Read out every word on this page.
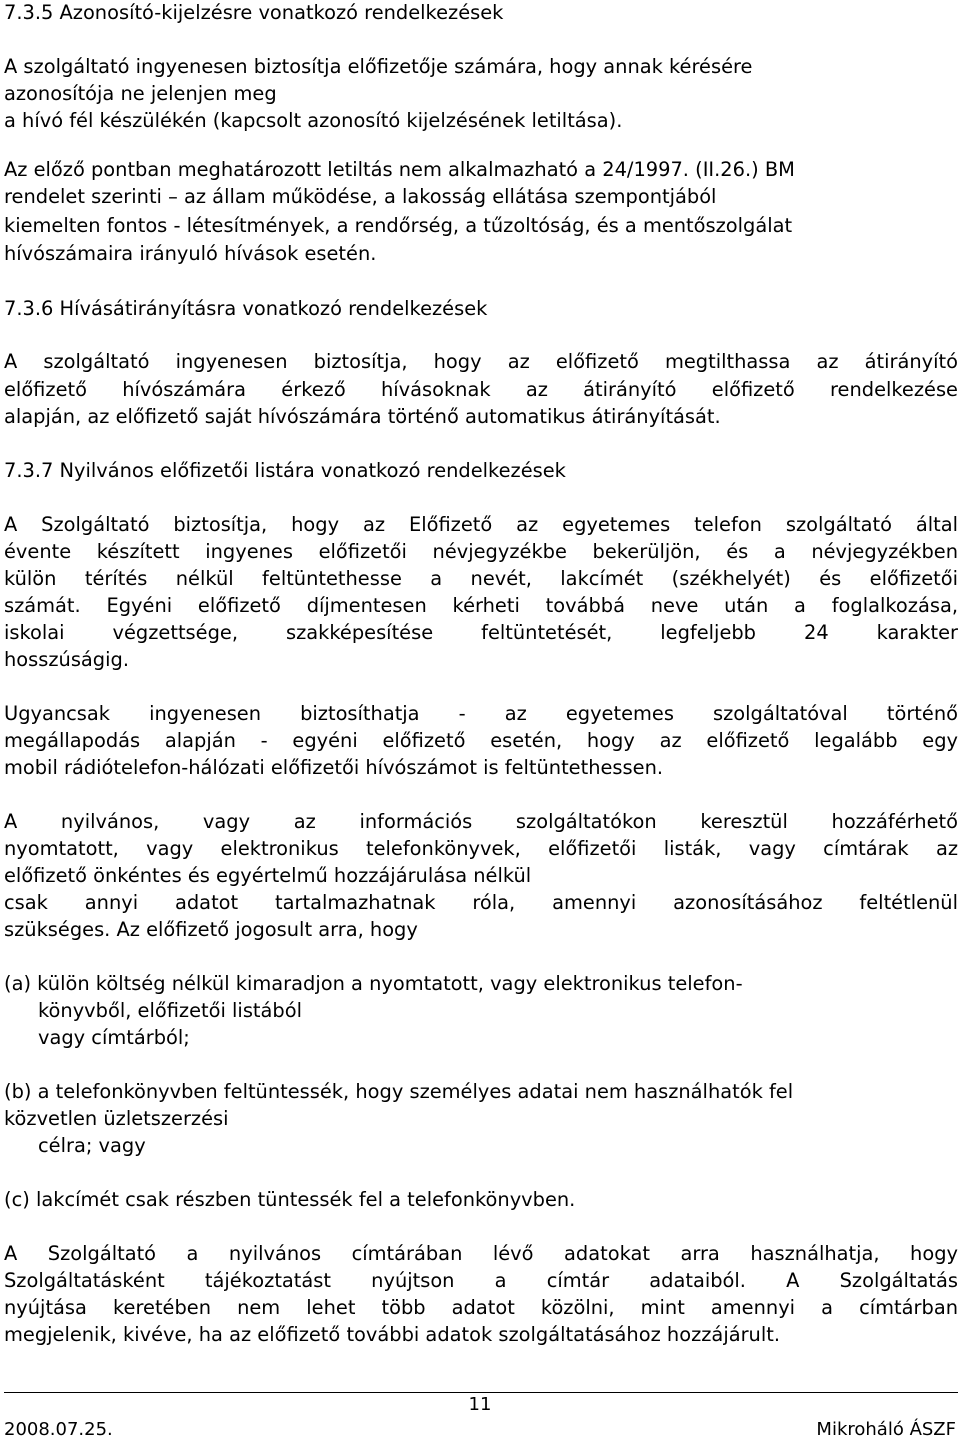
7.3.5 Azonosító-kijelzésre vonatkozó rendelkezések
A szolgáltató ingyenesen biztosítja előfizetője számára, hogy annak kérésére
azonosítója ne jelenjen meg
a hívó fél készülékén (kapcsolt azonosító kijelzésének letiltása).
Az előző pontban meghatározott letiltás nem alkalmazható a 24/1997. (II.26.) BM
rendelet szerinti – az állam működése, a lakosság ellátása szempontjából
kiemelten fontos - létesítmények, a rendőrség, a tűzoltóság, és a mentőszolgálat
hívószámaira irányuló hívások esetén.
7.3.6 Hívásátirányításra vonatkozó rendelkezések
A szolgáltató ingyenesen biztosítja, hogy az előfizető megtilthassa az átirányító
előfizető hívószámára érkező hívásoknak az átirányító előfizető rendelkezése
alapján, az előfizető saját hívószámára történő automatikus átirányítását.
7.3.7 Nyilvános előfizetői listára vonatkozó rendelkezések
A Szolgáltató biztosítja, hogy az Előfizető az egyetemes telefon szolgáltató által
évente készített ingyenes előfizetői névjegyzékbe bekerüljön, és a névjegyzékben
külön térítés nélkül feltüntethesse a nevét, lakcímét (székhelyét) és előfizetői
számát. Egyéni előfizető díjmentesen kérheti továbbá neve után a foglalkozása,
iskolai végzettsége, szakképesítése feltüntetését, legfeljebb 24 karakter
hosszúságig.
Ugyancsak ingyenesen biztosíthatja - az egyetemes szolgáltatóval történő
megállapodás alapján - egyéni előfizető esetén, hogy az előfizető legalább egy
mobil rádiótelefon-hálózati előfizetői hívószámot is feltüntethessen.
A nyilvános, vagy az információs szolgáltatókon keresztül hozzáférhető
nyomtatott, vagy elektronikus telefonkönyvek, előfizetői listák, vagy címtárak az
előfizető önkéntes és egyértelmű hozzájárulása nélkül
csak annyi adatot tartalmazhatnak róla, amennyi azonosításához feltétlenül
szükséges. Az előfizető jogosult arra, hogy
(a) külön költség nélkül kimaradjon a nyomtatott, vagy elektronikus telefon-
könyvből, előfizetői listából
vagy címtárból;
(b) a telefonkönyvben feltüntessék, hogy személyes adatai nem használhatók fel
közvetlen üzletszerzési
célra; vagy
(c) lakcímét csak részben tüntessék fel a telefonkönyvben.
A Szolgáltató a nyilvános címtárában lévő adatokat arra használhatja, hogy
Szolgáltatásként tájékoztatást nyújtson a címtár adataiból. A Szolgáltatás
nyújtása keretében nem lehet több adatot közölni, mint amennyi a címtárban
megjelenik, kivéve, ha az előfizető további adatok szolgáltatásához hozzájárult.
11
2008.07.25.	Mikroháló ÁSZF
